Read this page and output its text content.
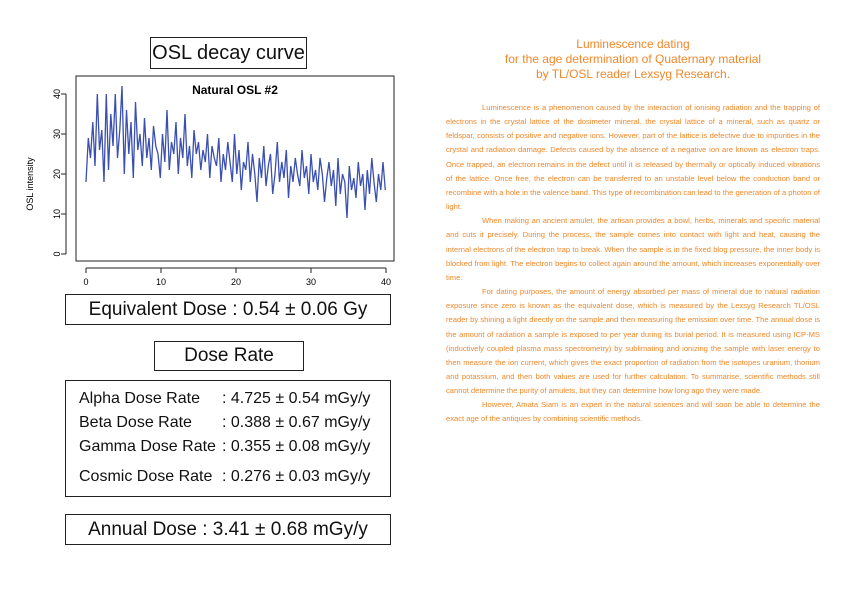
OSL decay curve
0
10
20
30
40
0	10	20	30	40
Natural OSL #2
OSL intensity
Equivalent Dose : 0.54 ± 0.06 Gy
Dose Rate
Alpha Dose Rate : 4.725 ± 0.54 mGy/y
Beta Dose Rate : 0.388 ± 0.67 mGy/y
Gamma Dose Rate : 0.355 ± 0.08 mGy/y
Cosmic Dose Rate : 0.276 ± 0.03 mGy/y
Annual Dose : 3.41 ± 0.68 mGy/y
Luminescence dating
for the age determination of Quaternary material
by TL/OSL reader Lexsyg Research.

Luminescence is a phenomenon caused by the interaction of ionising radiation and the trapping of electrons in the crystal lattice of the dosimeter mineral. the crystal lattice of a mineral, such as quartz or feldspar, consists of positive and negative ions. However, part of the lattice is defective due to impurities in the crystal and radiation damage. Defects caused by the absence of a negative ion are known as electron traps. Once trapped, an electron remains in the defect until it is released by thermally or optically induced vibrations of the lattice. Once free, the electron can be transferred to an unstable level below the conduction band or recombine with a hole in the valence band. This type of recombination can lead to the generation of a photon of light.

When making an ancient amulet, the artisan provides a bowl, herbs, minerals and specific material and cuts it precisely. During the process, the sample comes into contact with light and heat, causing the internal electrons of the electron trap to break. When the sample is in the fixed blog pressure, the inner body is blocked from light. The electron begins to collect again around the amount, which increases exponentially over time.

For dating purposes, the amount of energy absorbed per mass of mineral due to natural radiation exposure since zero is known as the equivalent dose, which is measured by the Lexsyg Research TL/OSL reader by shining a light directly on the sample and then measuring the emission over time. The annual dose is the amount of radiation a sample is exposed to per year during its burial period. It is measured using ICP-MS (inductively coupled plasma mass spectrometry) by sublimating and ionizing the sample with laser energy to then measure the ion current, which gives the exact proportion of radiation from the isotopes uranium, thorium and potassium, and then both values are used for further calculation. To summarise, scientific methods still cannot determine the purity of amulets, but they can determine how long ago they were made.

However, Amata Siam is an expert in the natural sciences and will soon be able to determine the exact age of the antiques by combining scientific methods.
